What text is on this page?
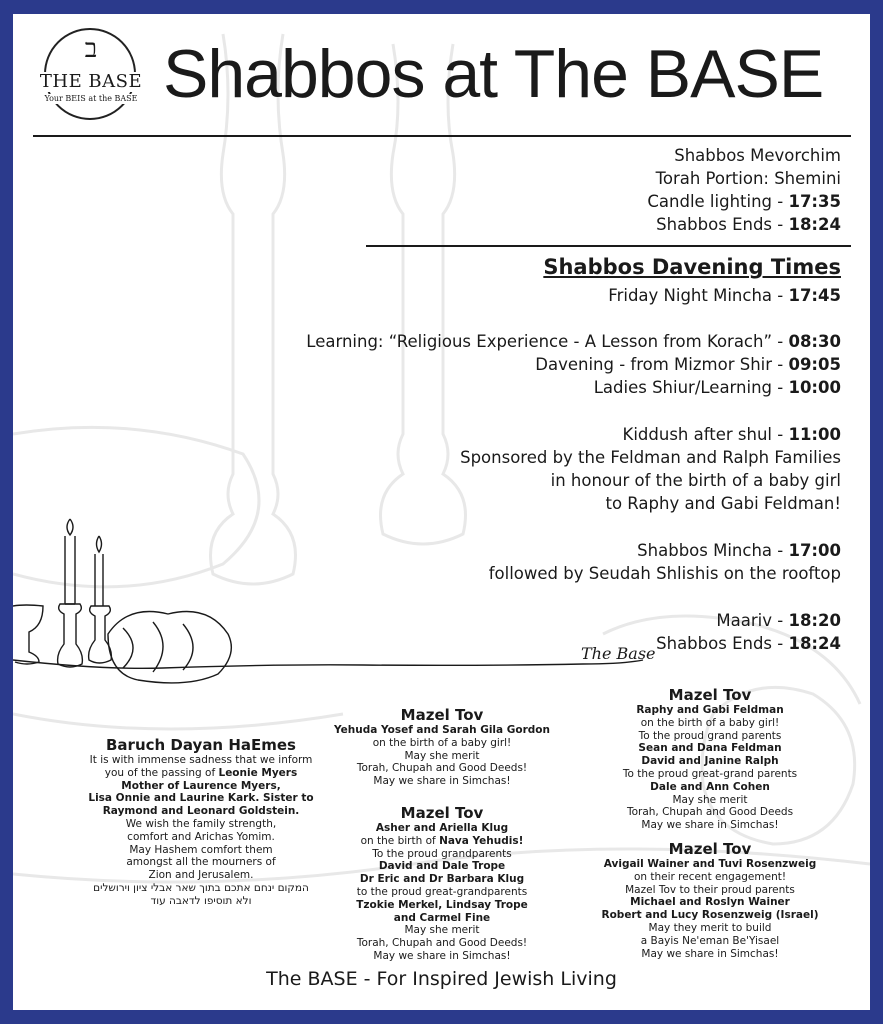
ב
THE BASE
Your BEIS at the BASE Shabbos at The BASE
Shabbos Mevorchim
Torah Portion: Shemini
Candle lighting - 17:35
Shabbos Ends - 18:24
Shabbos Davening Times
Friday Night Mincha - 17:45
Learning: “Religious Experience - A Lesson from Korach” - 08:30
Davening - from Mizmor Shir - 09:05
Ladies Shiur/Learning - 10:00
Kiddush after shul - 11:00
Sponsored by the Feldman and Ralph Families
in honour of the birth of a baby girl
to Raphy and Gabi Feldman!
Shabbos Mincha - 17:00
followed by Seudah Shlishis on the rooftop
Maariv - 18:20
Shabbos Ends - 18:24
The Base
Baruch Dayan HaEmes
It is with immense sadness that we inform
you of the passing of Leonie Myers
Mother of Laurence Myers,
Lisa Onnie and Laurine Kark. Sister to
Raymond and Leonard Goldstein.
We wish the family strength,
comfort and Arichas Yomim.
May Hashem comfort them
amongst all the mourners of
Zion and Jerusalem.
המקום ינחם אתכם בתוך שאר אבלי ציון וירושלים
ולא תוסיפו לדאבה עוד
Mazel Tov
Yehuda Yosef and Sarah Gila Gordon
on the birth of a baby girl!
May she merit
Torah, Chupah and Good Deeds!
May we share in Simchas!
Mazel Tov
Asher and Ariella Klug
on the birth of Nava Yehudis!
To the proud grandparents
David and Dale Trope
Dr Eric and Dr Barbara Klug
to the proud great-grandparents
Tzokie Merkel, Lindsay Trope
and Carmel Fine
May she merit
Torah, Chupah and Good Deeds!
May we share in Simchas!
Mazel Tov
Raphy and Gabi Feldman
on the birth of a baby girl!
To the proud grand parents
Sean and Dana Feldman
David and Janine Ralph
To the proud great-grand parents
Dale and Ann Cohen
May she merit
Torah, Chupah and Good Deeds
May we share in Simchas!
Mazel Tov
Avigail Wainer and Tuvi Rosenzweig
on their recent engagement!
Mazel Tov to their proud parents
Michael and Roslyn Wainer
Robert and Lucy Rosenzweig (Israel)
May they merit to build
a Bayis Ne'eman Be'Yisael
May we share in Simchas!
The BASE - For Inspired Jewish Living
